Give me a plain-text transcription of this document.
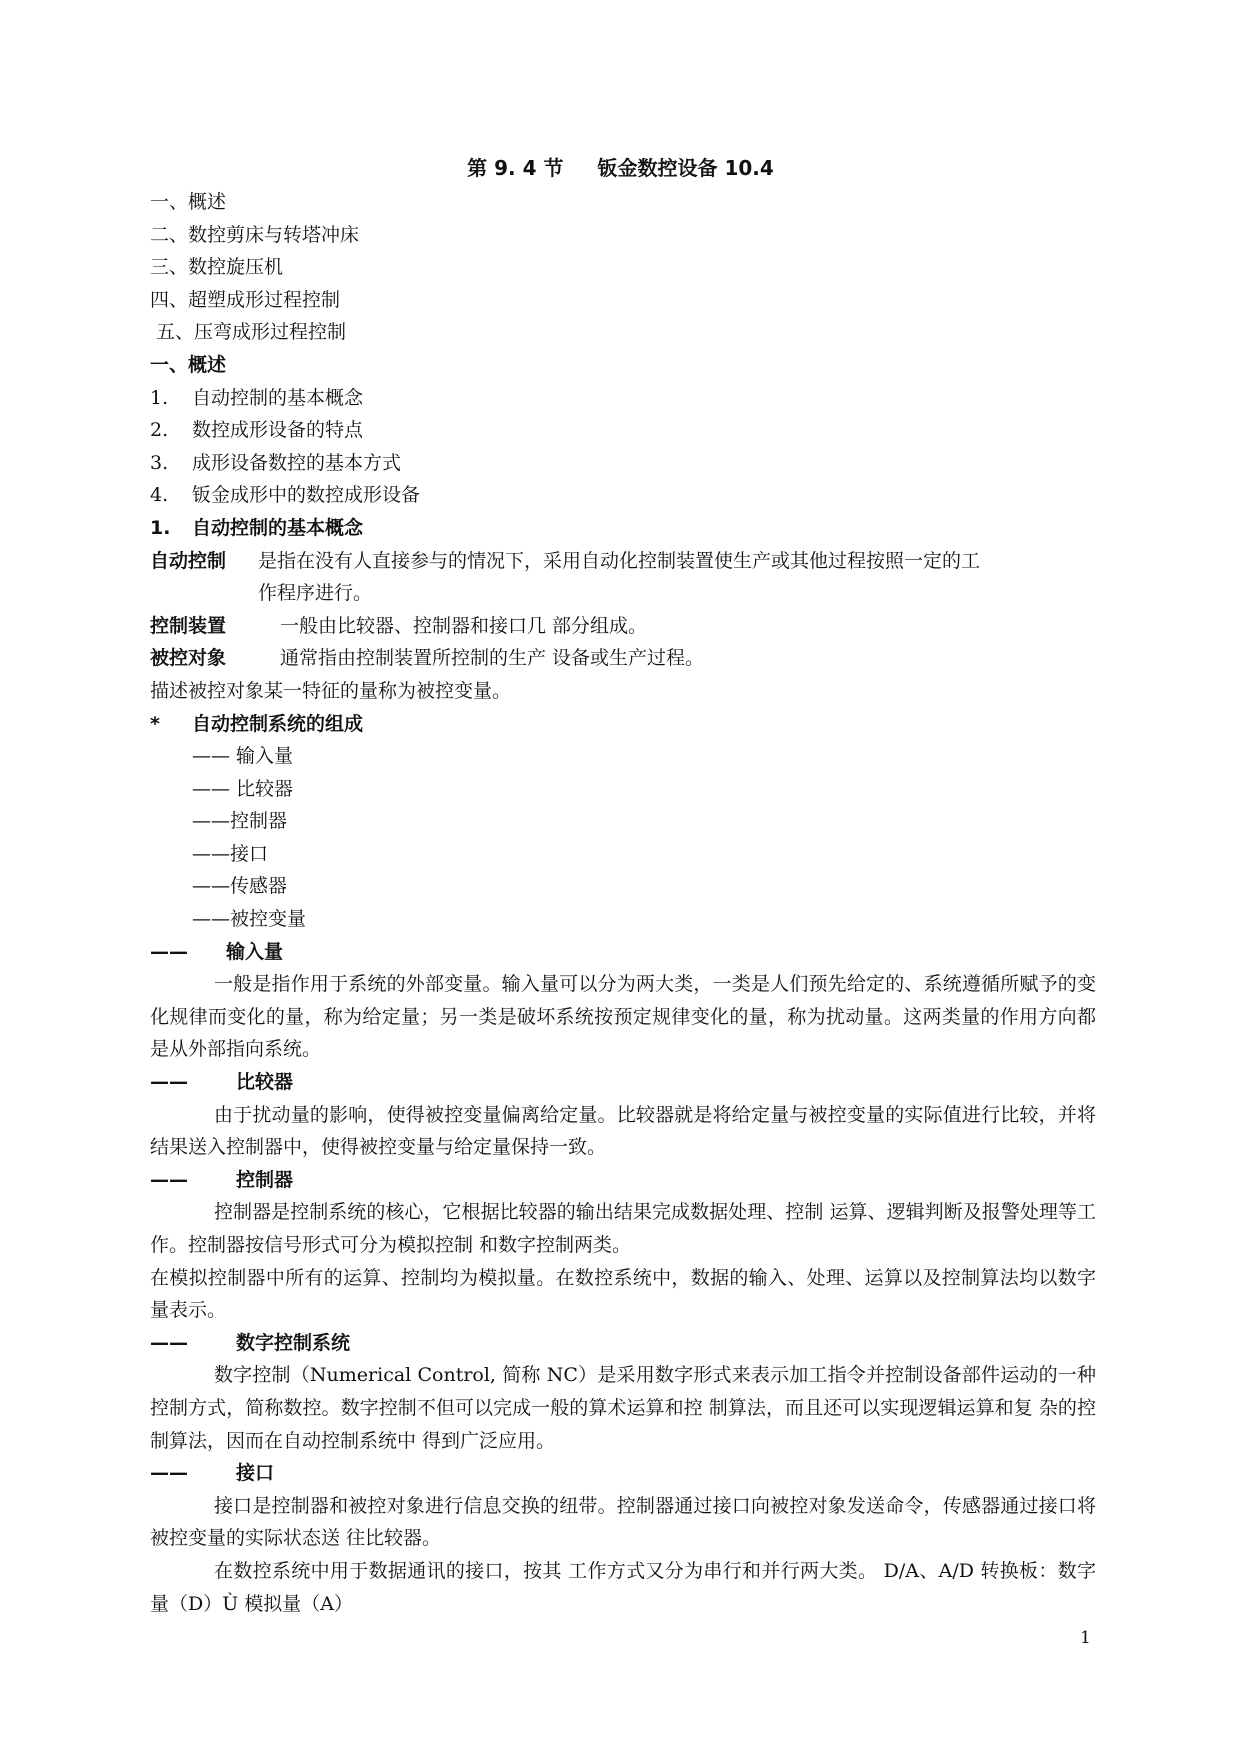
第 9. 4 节 钣金数控设备 10.4
一、概述
二、数控剪床与转塔冲床
三、数控旋压机
四、超塑成形过程控制
五、压弯成形过程控制
一、概述
1. 自动控制的基本概念
2. 数控成形设备的特点
3. 成形设备数控的基本方式
4. 钣金成形中的数控成形设备
1. 自动控制的基本概念
自动控制 是指在没有人直接参与的情况下，采用自动化控制装置使生产或其他过程按照一定的工
作程序进行。
控制装置	一般由比较器、控制器和接口几 部分组成。
被控对象	通常指由控制装置所控制的生产 设备或生产过程。
描述被控对象某一特征的量称为被控变量。
* 自动控制系统的组成
—— 输入量
—— 比较器
——控制器
——接口
——传感器
——被控变量
—— 输入量
一般是指作用于系统的外部变量。输入量可以分为两大类，一类是人们预先给定的、系统遵循所赋予的变化规律而变化的量，称为给定量；另一类是破坏系统按预定规律变化的量，称为扰动量。这两类量的作用方向都是从外部指向系统。
——	比较器
由于扰动量的影响，使得被控变量偏离给定量。比较器就是将给定量与被控变量的实际值进行比较，并将结果送入控制器中，使得被控变量与给定量保持一致。
——	控制器
控制器是控制系统的核心，它根据比较器的输出结果完成数据处理、控制 运算、逻辑判断及报警处理等工作。控制器按信号形式可分为模拟控制 和数字控制两类。
在模拟控制器中所有的运算、控制均为模拟量。在数控系统中，数据的输入、处理、运算以及控制算法均以数字量表示。
——	数字控制系统
数字控制（Numerical Control, 简称 NC）是采用数字形式来表示加工指令并控制设备部件运动的一种控制方式，简称数控。数字控制不但可以完成一般的算术运算和控 制算法，而且还可以实现逻辑运算和复 杂的控制算法，因而在自动控制系统中 得到广泛应用。
——	接口
接口是控制器和被控对象进行信息交换的纽带。控制器通过接口向被控对象发送命令，传感器通过接口将被控变量的实际状态送 往比较器。
在数控系统中用于数据通讯的接口，按其 工作方式又分为串行和并行两大类。 D/A、A/D 转换板：数字量（D）Ù 模拟量（A）
1
